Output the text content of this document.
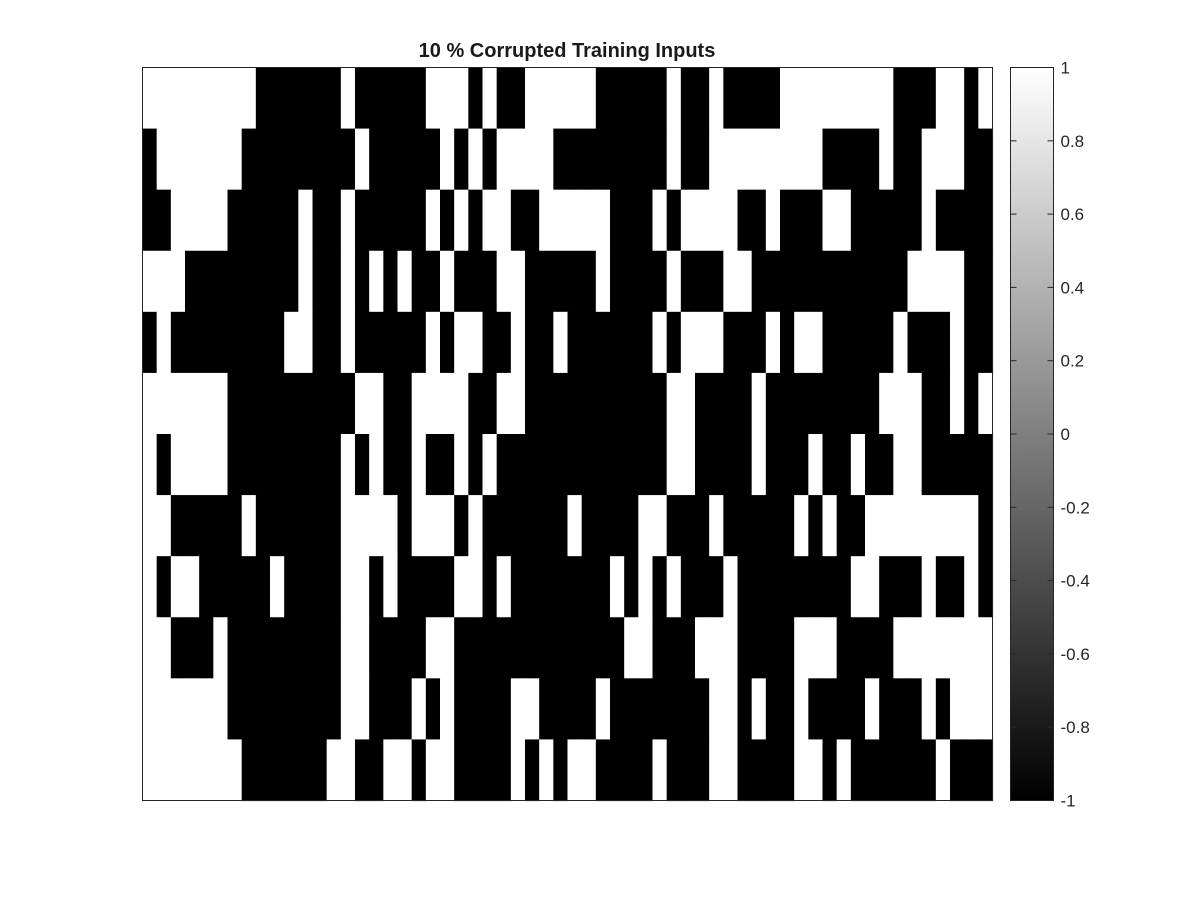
10 % Corrupted Training Inputs
1
0.8
0.6
0.4
0.2
0
-0.2
-0.4
-0.6
-0.8
-1
